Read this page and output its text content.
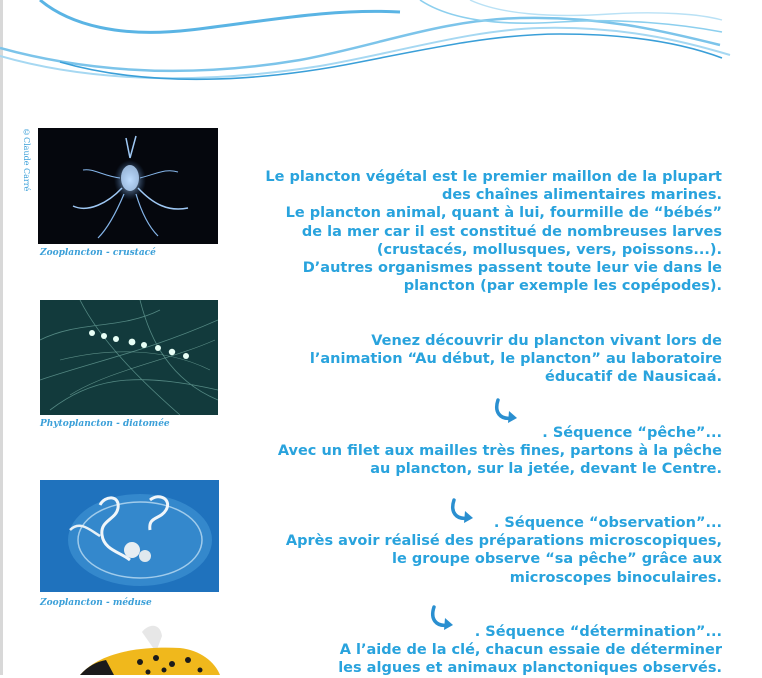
©Claude Carré
Zooplancton - crustacé
Phytoplancton - diatomée
Zooplancton - méduse
Le plancton végétal est le premier maillon de la plupart
des chaînes alimentaires marines.
Le plancton animal, quant à lui, fourmille de “bébés”
de la mer car il est constitué de nombreuses larves
(crustacés, mollusques, vers, poissons...).
D’autres organismes passent toute leur vie dans le
plancton (par exemple les copépodes).
Venez découvrir du plancton vivant lors de
l’animation “Au début, le plancton” au laboratoire
éducatif de Nausicaá.
. Séquence “pêche”...
Avec un filet aux mailles très fines, partons à la pêche
au plancton, sur la jetée, devant le Centre.
. Séquence “observation”...
Après avoir réalisé des préparations microscopiques,
le groupe observe “sa pêche” grâce aux
microscopes binoculaires.
. Séquence “détermination”...
A l’aide de la clé, chacun essaie de déterminer
les algues et animaux planctoniques observés.
